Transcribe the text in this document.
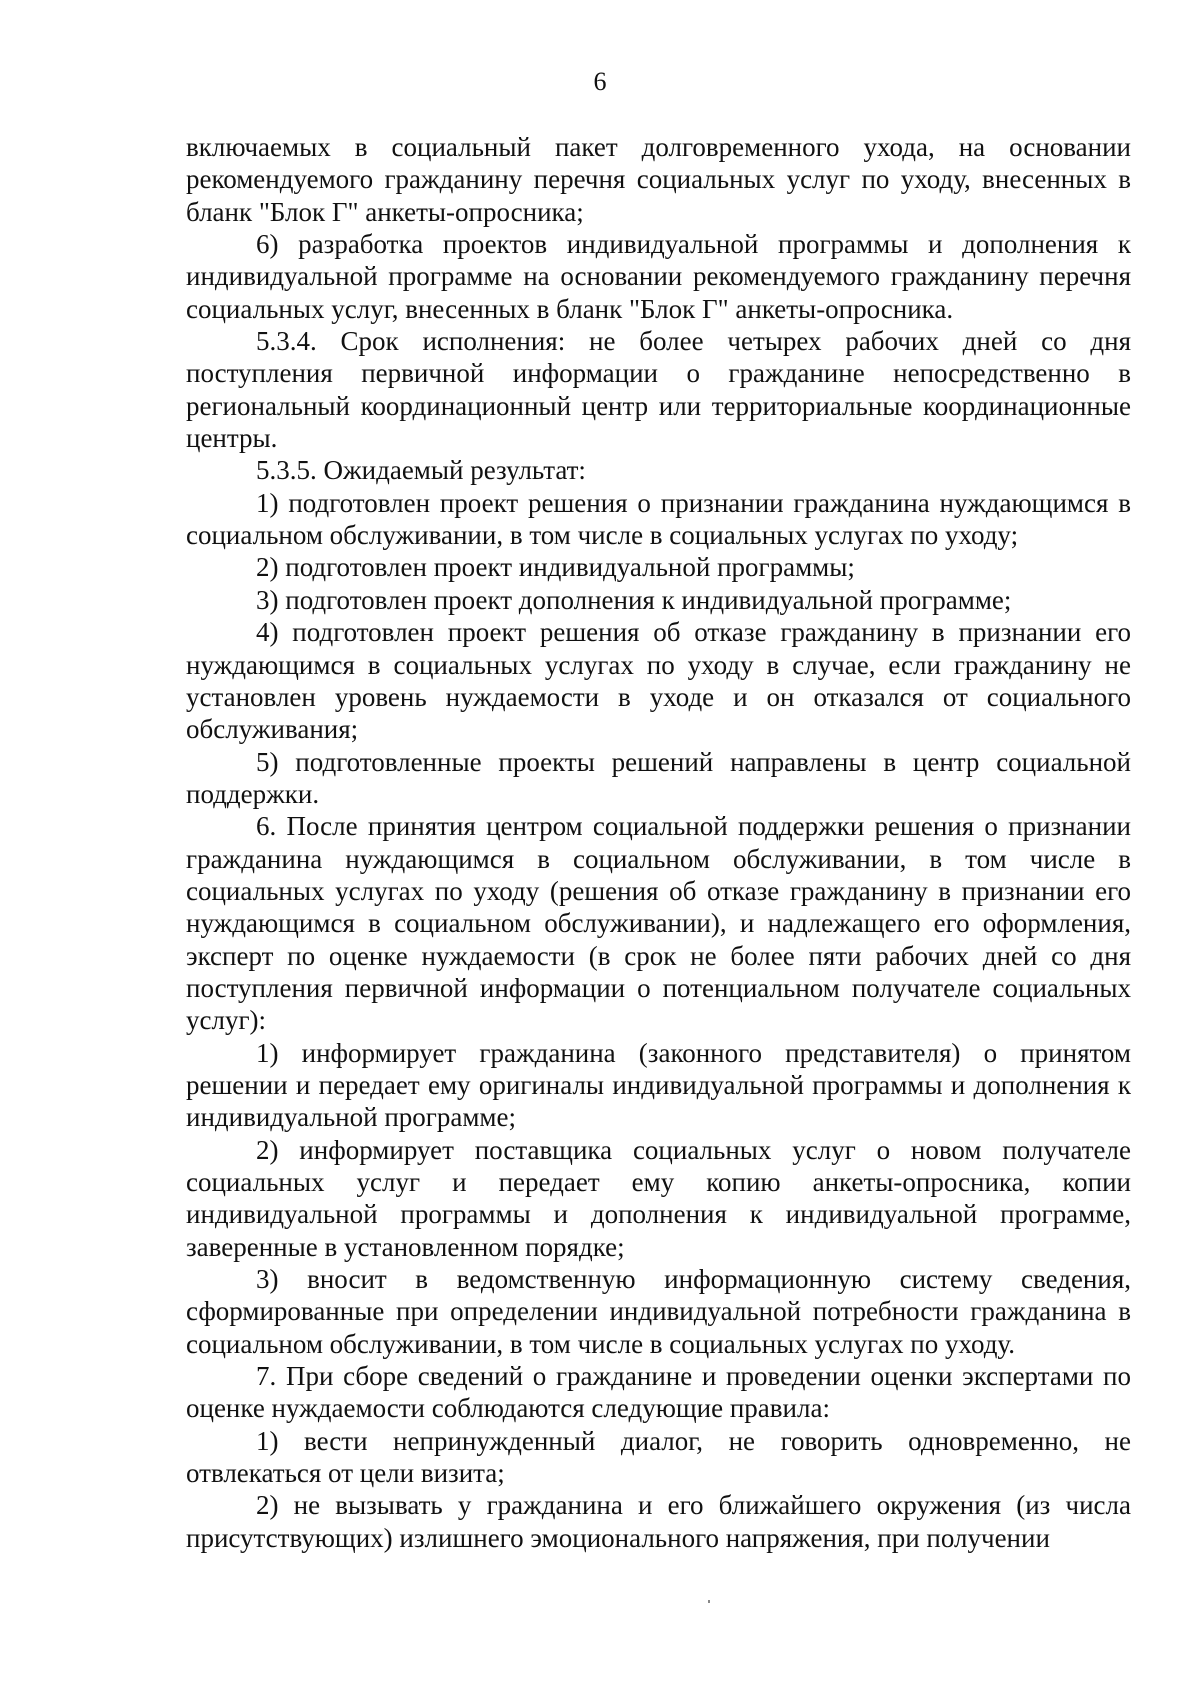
6

включаемых в социальный пакет долговременного ухода, на основании рекомендуемого гражданину перечня социальных услуг по уходу, внесенных в бланк "Блок Г" анкеты-опросника;

6) разработка проектов индивидуальной программы и дополнения к индивидуальной программе на основании рекомендуемого гражданину перечня социальных услуг, внесенных в бланк "Блок Г" анкеты-опросника.

5.3.4. Срок исполнения: не более четырех рабочих дней со дня поступления первичной информации о гражданине непосредственно в региональный координационный центр или территориальные координационные центры.

5.3.5. Ожидаемый результат:

1) подготовлен проект решения о признании гражданина нуждающимся в социальном обслуживании, в том числе в социальных услугах по уходу;

2) подготовлен проект индивидуальной программы;

3) подготовлен проект дополнения к индивидуальной программе;

4) подготовлен проект решения об отказе гражданину в признании его нуждающимся в социальных услугах по уходу в случае, если гражданину не установлен уровень нуждаемости в уходе и он отказался от социального обслуживания;

5) подготовленные проекты решений направлены в центр социальной поддержки.

6. После принятия центром социальной поддержки решения о признании гражданина нуждающимся в социальном обслуживании, в том числе в социальных услугах по уходу (решения об отказе гражданину в признании его нуждающимся в социальном обслуживании), и надлежащего его оформления, эксперт по оценке нуждаемости (в срок не более пяти рабочих дней со дня поступления первичной информации о потенциальном получателе социальных услуг):

1) информирует гражданина (законного представителя) о принятом решении и передает ему оригиналы индивидуальной программы и дополнения к индивидуальной программе;

2) информирует поставщика социальных услуг о новом получателе социальных услуг и передает ему копию анкеты-опросника, копии индивидуальной программы и дополнения к индивидуальной программе, заверенные в установленном порядке;

3) вносит в ведомственную информационную систему сведения, сформированные при определении индивидуальной потребности гражданина в социальном обслуживании, в том числе в социальных услугах по уходу.

7. При сборе сведений о гражданине и проведении оценки экспертами по оценке нуждаемости соблюдаются следующие правила:

1) вести непринужденный диалог, не говорить одновременно, не отвлекаться от цели визита;

2) не вызывать у гражданина и его ближайшего окружения (из числа присутствующих) излишнего эмоционального напряжения, при получении
